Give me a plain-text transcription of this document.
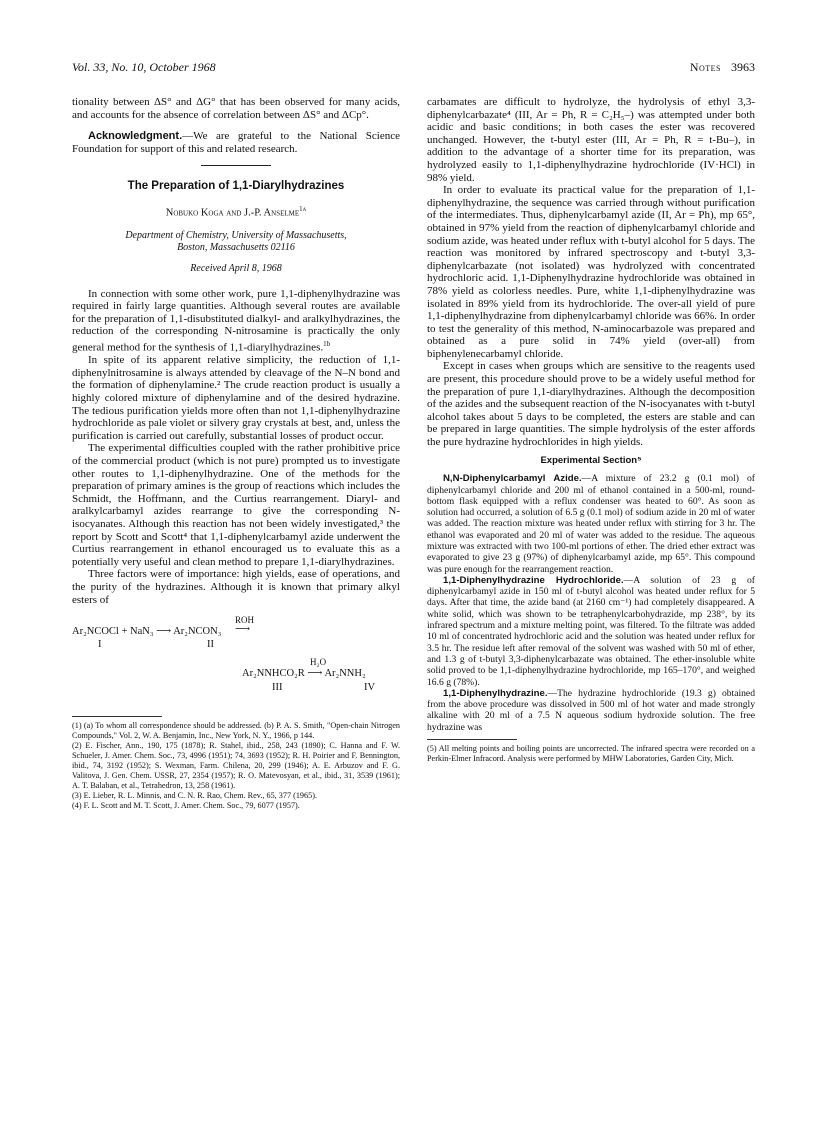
Vol. 33, No. 10, October 1968	Notes 3963

tionality between ΔS° and ΔG° that has been observed for many acids, and accounts for the absence of correlation between ΔS° and ΔCp°.

Acknowledgment.—We are grateful to the National Science Foundation for support of this and related research.

The Preparation of 1,1-Diarylhydrazines
Nobuko Koga and J.-P. Anselme$^{1a}$
Department of Chemistry, University of Massachusetts,
Boston, Massachusetts 02116
Received April 8, 1968

In connection with some other work, pure 1,1-diphenylhydrazine was required in fairly large quantities. Although several routes are available for the preparation of 1,1-disubstituted dialkyl- and aralkylhydrazines, the reduction of the corresponding N-nitrosamine is practically the only general method for the synthesis of 1,1-diarylhydrazines.$^{1b}$

In spite of its apparent relative simplicity, the reduction of 1,1-diphenylnitrosamine is always attended by cleavage of the N–N bond and the formation of diphenylamine.² The crude reaction product is usually a highly colored mixture of diphenylamine and of the desired hydrazine. The tedious purification yields more often than not 1,1-diphenylhydrazine hydrochloride as pale violet or silvery gray crystals at best, and, unless the purification is carried out carefully, substantial losses of product occur.

The experimental difficulties coupled with the rather prohibitive price of the commercial product (which is not pure) prompted us to investigate other routes to 1,1-diphenylhydrazine. One of the methods for the preparation of primary amines is the group of reactions which includes the Schmidt, the Hoffmann, and the Curtius rearrangement. Diaryl- and aralkylcarbamyl azides rearrange to give the corresponding N-isocyanates. Although this reaction has not been widely investigated,³ the report by Scott and Scott⁴ that 1,1-diphenylcarbamyl azide underwent the Curtius rearrangement in ethanol encouraged us to evaluate this as a potentially very useful and clean method to prepare 1,1-diarylhydrazines.

Three factors were of importance: high yields, ease of operations, and the purity of the hydrazines. Although it is known that primary alkyl esters of

ROH
Ar₂NCOCl + NaN₃ ⟶ Ar₂NCON₃ ⟶
I	II
H₂O
Ar₂NNHCO₂R ⟶ Ar₂NNH₂
III	IV
(1) (a) To whom all correspondence should be addressed. (b) P. A. S. Smith, "Open-chain Nitrogen Compounds," Vol. 2, W. A. Benjamin, Inc., New York, N. Y., 1966, p 144.
(2) E. Fischer, Ann., 190, 175 (1878); R. Stahel, ibid., 258, 243 (1890); C. Hanna and F. W. Schueler, J. Amer. Chem. Soc., 73, 4996 (1951); 74, 3693 (1952); R. H. Poirier and F. Bennington, ibid., 74, 3192 (1952); S. Wexman, Farm. Chilena, 20, 299 (1946); A. E. Arbuzov and F. G. Valitova, J. Gen. Chem. USSR, 27, 2354 (1957); R. O. Matevosyan, et al., ibid., 31, 3539 (1961); A. T. Balaban, et al., Tetrahedron, 13, 258 (1961).
(3) E. Lieber, R. L. Minnis, and C. N. R. Rao, Chem. Rev., 65, 377 (1965).
(4) F. L. Scott and M. T. Scott, J. Amer. Chem. Soc., 79, 6077 (1957).

carbamates are difficult to hydrolyze, the hydrolysis of ethyl 3,3-diphenylcarbazate⁴ (III, Ar = Ph, R = C₂H₅–) was attempted under both acidic and basic conditions; in both cases the ester was recovered unchanged. However, the t-butyl ester (III, Ar = Ph, R = t-Bu–), in addition to the advantage of a shorter time for its preparation, was hydrolyzed easily to 1,1-diphenylhydrazine hydrochloride (IV·HCl) in 98% yield.

In order to evaluate its practical value for the preparation of 1,1-diphenylhydrazine, the sequence was carried through without purification of the intermediates. Thus, diphenylcarbamyl azide (II, Ar = Ph), mp 65°, obtained in 97% yield from the reaction of diphenylcarbamyl chloride and sodium azide, was heated under reflux with t-butyl alcohol for 5 days. The reaction was monitored by infrared spectroscopy and t-butyl 3,3-diphenylcarbazate (not isolated) was hydrolyzed with concentrated hydrochloric acid. 1,1-Diphenylhydrazine hydrochloride was obtained in 78% yield as colorless needles. Pure, white 1,1-diphenylhydrazine was isolated in 89% yield from its hydrochloride. The over-all yield of pure 1,1-diphenylhydrazine from diphenylcarbamyl chloride was 66%. In order to test the generality of this method, N-aminocarbazole was prepared and obtained as a pure solid in 74% yield (over-all) from biphenylenecarbamyl chloride.

Except in cases when groups which are sensitive to the reagents used are present, this procedure should prove to be a widely useful method for the preparation of pure 1,1-diarylhydrazines. Although the decomposition of the azides and the subsequent reaction of the N-isocyanates with t-butyl alcohol takes about 5 days to be completed, the esters are stable and can be prepared in large quantities. The simple hydrolysis of the ester affords the pure hydrazine hydrochlorides in high yields.

Experimental Section⁵

N,N-Diphenylcarbamyl Azide.—A mixture of 23.2 g (0.1 mol) of diphenylcarbamyl chloride and 200 ml of ethanol contained in a 500-ml, round-bottom flask equipped with a reflux condenser was heated to 60°. As soon as solution had occurred, a solution of 6.5 g (0.1 mol) of sodium azide in 20 ml of water was added. The reaction mixture was heated under reflux with stirring for 3 hr. The ethanol was evaporated and 20 ml of water was added to the residue. The aqueous mixture was extracted with two 100-ml portions of ether. The dried ether extract was evaporated to give 23 g (97%) of diphenylcarbamyl azide, mp 65°. This compound was pure enough for the rearrangement reaction.

1,1-Diphenylhydrazine Hydrochloride.—A solution of 23 g of diphenylcarbamyl azide in 150 ml of t-butyl alcohol was heated under reflux for 5 days. After that time, the azide band (at 2160 cm⁻¹) had completely disappeared. A white solid, which was shown to be tetraphenylcarbohydrazide, mp 238°, by its infrared spectrum and a mixture melting point, was filtered. To the filtrate was added 10 ml of concentrated hydrochloric acid and the solution was heated under reflux for 3.5 hr. The residue left after removal of the solvent was washed with 50 ml of ether, and 1.3 g of t-butyl 3,3-diphenylcarbazate was obtained. The ether-insoluble white solid proved to be 1,1-diphenylhydrazine hydrochloride, mp 165–170°, and weighed 16.6 g (78%).

1,1-Diphenylhydrazine.—The hydrazine hydrochloride (19.3 g) obtained from the above procedure was dissolved in 500 ml of hot water and made strongly alkaline with 20 ml of a 7.5 N aqueous sodium hydroxide solution. The free hydrazine was

(5) All melting points and boiling points are uncorrected. The infrared spectra were recorded on a Perkin-Elmer Infracord. Analysis were performed by MHW Laboratories, Garden City, Mich.
